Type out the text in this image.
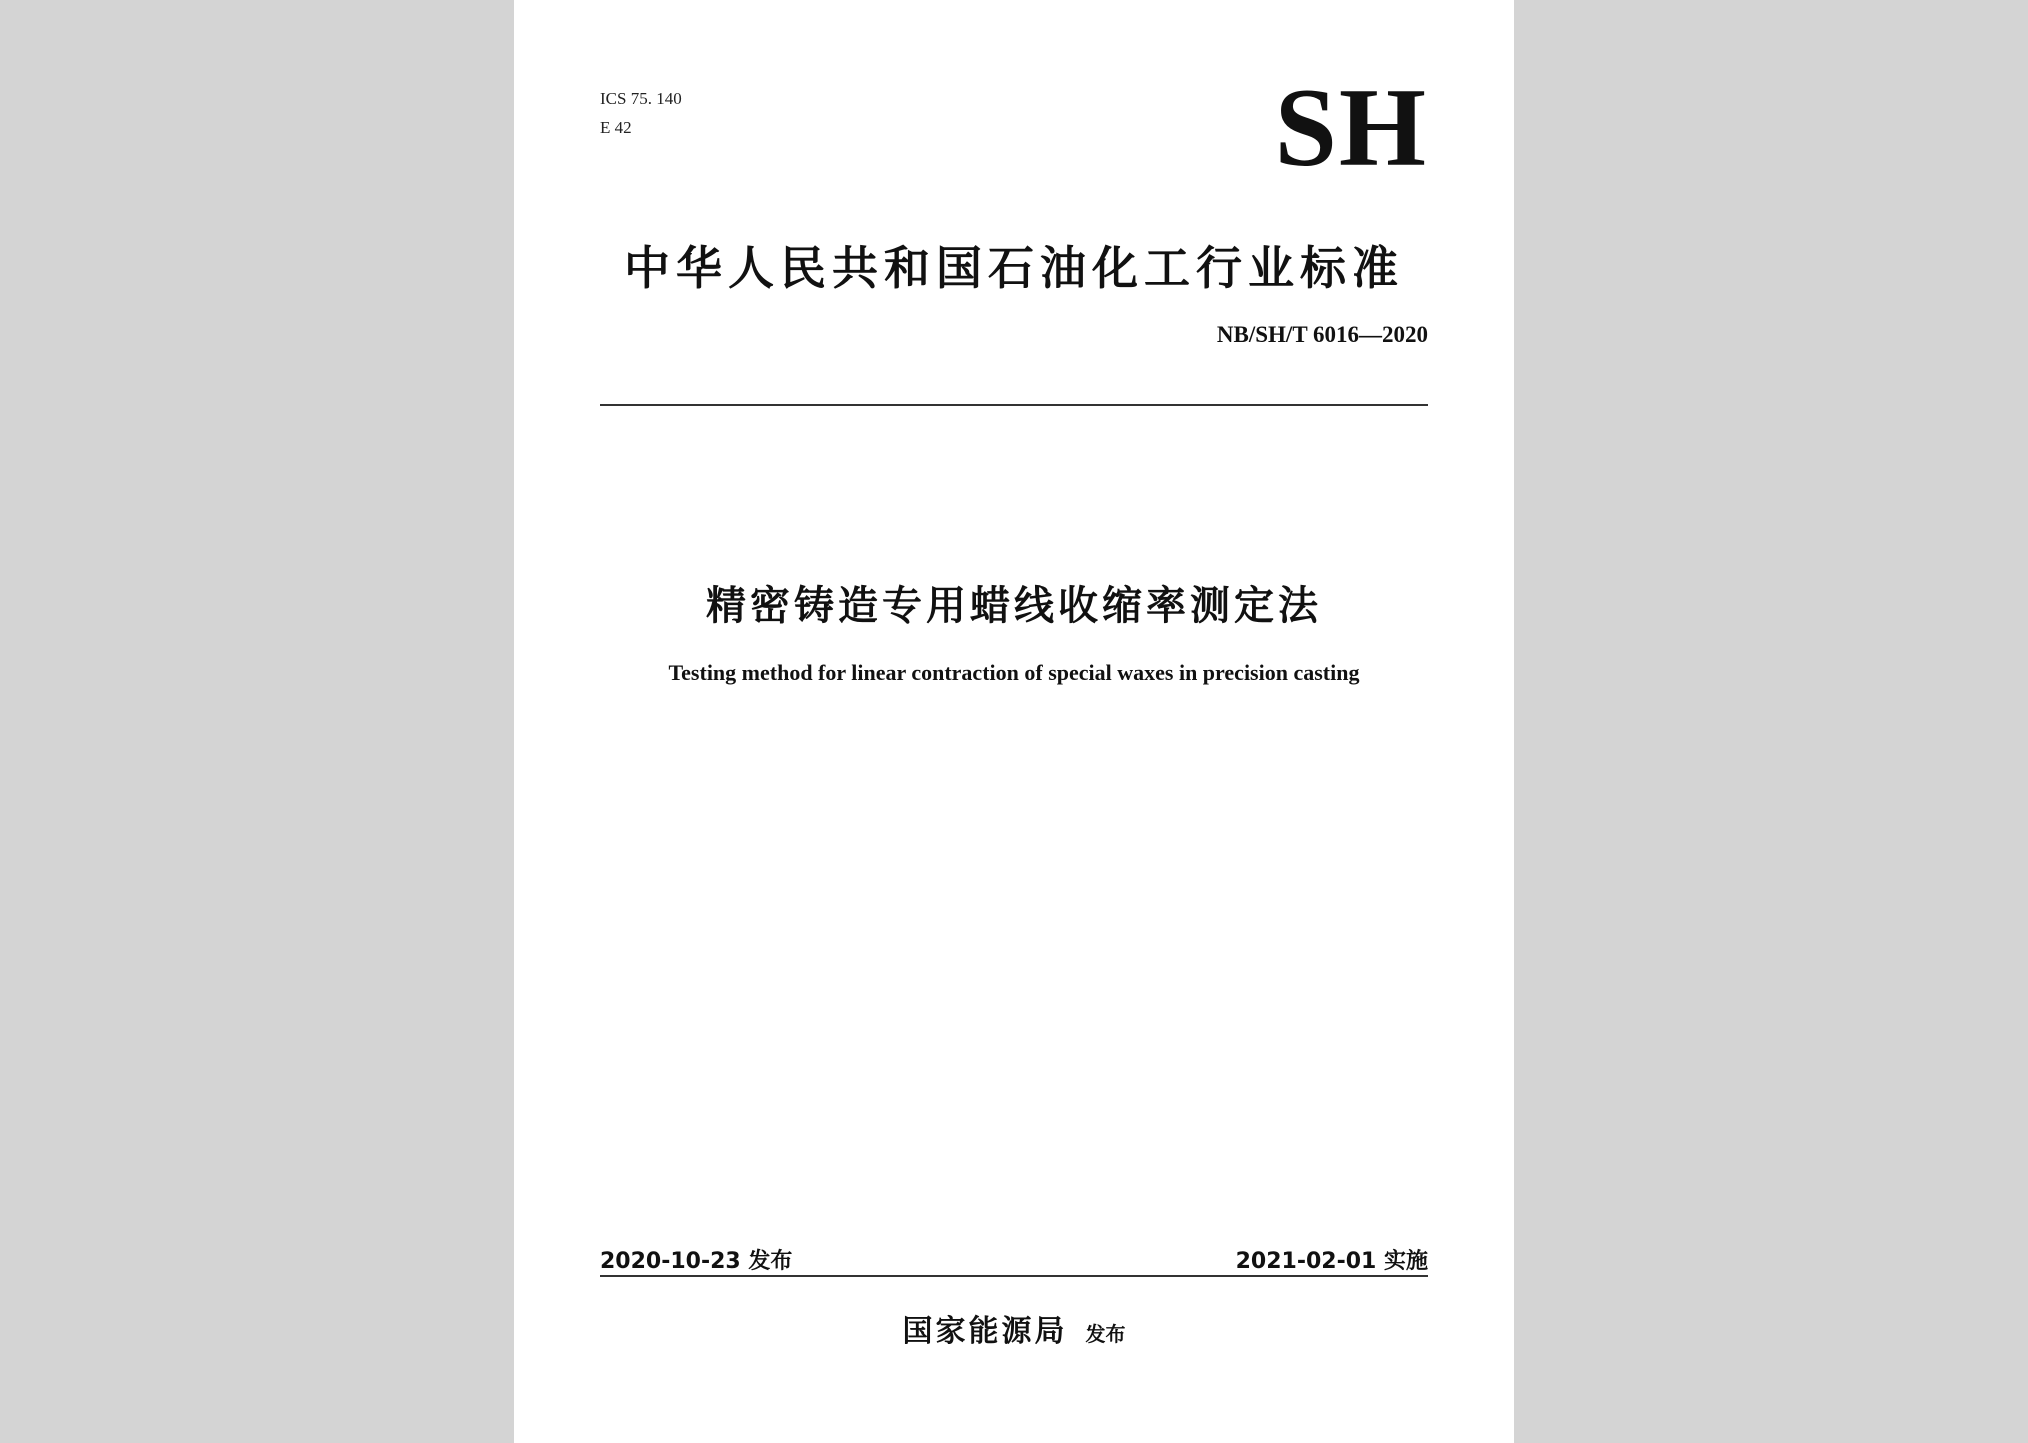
ICS 75. 140
E 42	SH
中华人民共和国石油化工行业标准
NB/SH/T 6016—2020
精密铸造专用蜡线收缩率测定法
Testing method for linear contraction of special waxes in precision casting
2020-10-23 发布	2021-02-01 实施
国家能源局 发布
